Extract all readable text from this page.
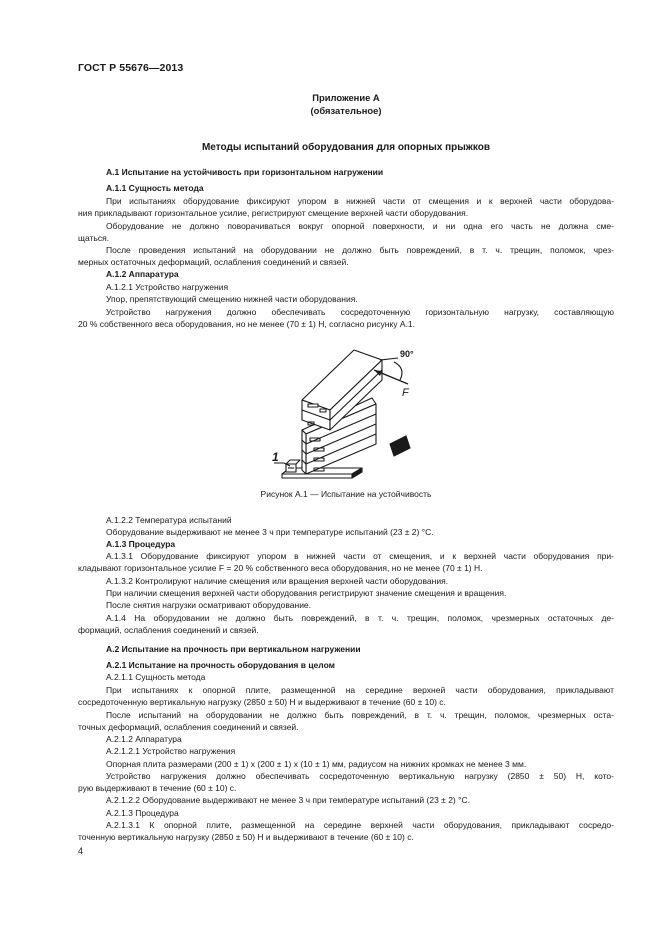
ГОСТ Р 55676—2013
Приложение А
(обязательное)
Методы испытаний оборудования для опорных прыжков
А.1 Испытание на устойчивость при горизонтальном нагружении
А.1.1 Сущность метода
При испытаниях оборудование фиксируют упором в нижней части от смещения и к верхней части оборудова-
ния прикладывают горизонтальное усилие, регистрируют смещение верхней части оборудования.
Оборудование не должно поворачиваться вокруг опорной поверхности, и ни одна его часть не должна сме-
щаться.
После проведения испытаний на оборудовании не должно быть повреждений, в т. ч. трещин, поломок, чрез-
мерных остаточных деформаций, ослабления соединений и связей.
А.1.2 Аппаратура
А.1.2.1 Устройство нагружения
Упор, препятствующий смещению нижней части оборудования.
Устройство нагружения должно обеспечивать сосредоточенную горизонтальную нагрузку, составляющую
20 % собственного веса оборудования, но не менее (70 ± 1) Н, согласно рисунку А.1.
90°
F
1
Рисунок А.1 — Испытание на устойчивость
А.1.2.2 Температура испытаний
Оборудование выдерживают не менее 3 ч при температуре испытаний (23 ± 2) °С.
А.1.3 Процедура
А.1.3.1 Оборудование фиксируют упором в нижней части от смещения, и к верхней части оборудования при-
кладывают горизонтальное усилие F = 20 % собственного веса оборудования, но не менее (70 ± 1) Н.
А.1.3.2 Контролируют наличие смещения или вращения верхней части оборудования.
При наличии смещения верхней части оборудования регистрируют значение смещения и вращения.
После снятия нагрузки осматривают оборудование.
А.1.4 На оборудовании не должно быть повреждений, в т. ч. трещин, поломок, чрезмерных остаточных де-
формаций, ослабления соединений и связей.
А.2 Испытание на прочность при вертикальном нагружении
А.2.1 Испытание на прочность оборудования в целом
А.2.1.1 Сущность метода
При испытаниях к опорной плите, размещенной на середине верхней части оборудования, прикладывают
сосредоточенную вертикальную нагрузку (2850 ± 50) Н и выдерживают в течение (60 ± 10) с.
После испытаний на оборудовании не должно быть повреждений, в т. ч. трещин, поломок, чрезмерных оста-
точных деформаций, ослабления соединений и связей.
А.2.1.2 Аппаратура
А.2.1.2.1 Устройство нагружения
Опорная плита размерами (200 ± 1) х (200 ± 1) х (10 ± 1) мм, радиусом на нижних кромках не менее 3 мм.
Устройство нагружения должно обеспечивать сосредоточенную вертикальную нагрузку (2850 ± 50) Н, кото-
рую выдерживают в течение (60 ± 10) с.
А.2.1.2.2 Оборудование выдерживают не менее 3 ч при температуре испытаний (23 ± 2) °С.
А.2.1.3 Процедура
А.2.1.3.1 К опорной плите, размещенной на середине верхней части оборудования, прикладывают сосредо-
точенную вертикальную нагрузку (2850 ± 50) Н и выдерживают в течение (60 ± 10) с.
4
